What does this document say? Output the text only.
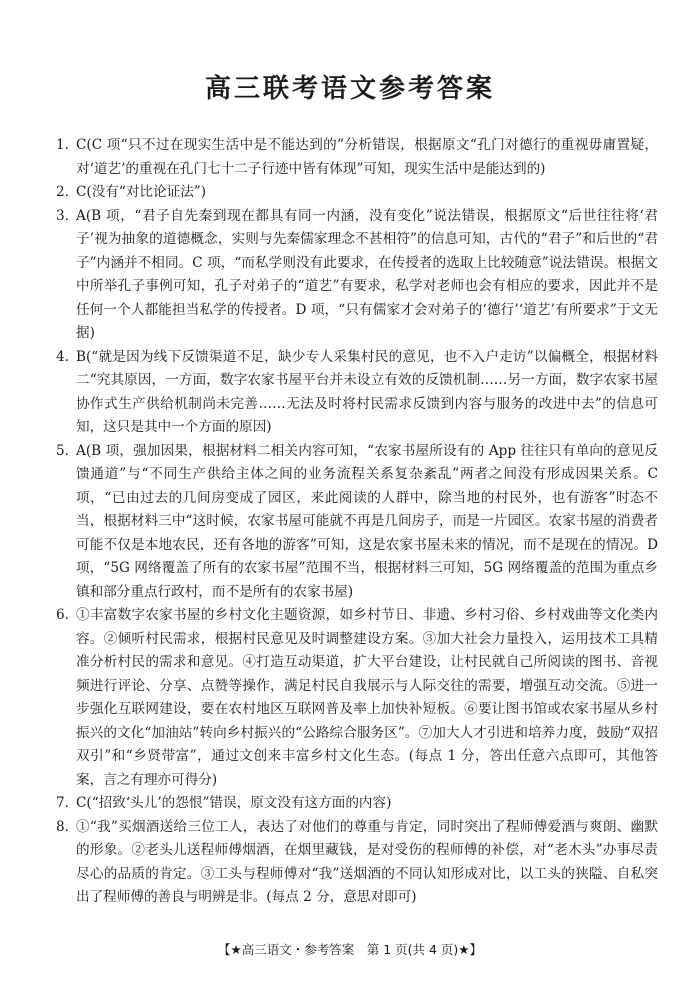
高三联考语文参考答案
1. C(C 项“只不过在现实生活中是不能达到的”分析错误，根据原文“孔门对德行的重视毋庸置疑，对‘道艺’的重视在孔门七十二子行迹中皆有体现”可知，现实生活中是能达到的)
2. C(没有“对比论证法”)
3. A(B 项，“君子自先秦到现在都具有同一内涵，没有变化”说法错误，根据原文“后世往往将‘君子’视为抽象的道德概念，实则与先秦儒家理念不甚相符”的信息可知，古代的“君子”和后世的“君子”内涵并不相同。C 项，“而私学则没有此要求，在传授者的选取上比较随意”说法错误。根据文中所举孔子事例可知，孔子对弟子的“道艺”有要求，私学对老师也会有相应的要求，因此并不是任何一个人都能担当私学的传授者。D 项，“只有儒家才会对弟子的‘德行’‘道艺’有所要求”于文无据)
4. B(“就是因为线下反馈渠道不足，缺少专人采集村民的意见，也不入户走访”以偏概全，根据材料二“究其原因，一方面，数字农家书屋平台并未设立有效的反馈机制……另一方面，数字农家书屋协作式生产供给机制尚未完善……无法及时将村民需求反馈到内容与服务的改进中去”的信息可知，这只是其中一个方面的原因)
5. A(B 项，强加因果，根据材料二相关内容可知，“农家书屋所设有的 App 往往只有单向的意见反馈通道”与“不同生产供给主体之间的业务流程关系复杂紊乱”两者之间没有形成因果关系。C 项，“已由过去的几间房变成了园区，来此阅读的人群中，除当地的村民外，也有游客”时态不当，根据材料三中“这时候，农家书屋可能就不再是几间房子，而是一片园区。农家书屋的消费者可能不仅是本地农民，还有各地的游客”可知，这是农家书屋未来的情况，而不是现在的情况。D 项，“5G 网络覆盖了所有的农家书屋”范围不当，根据材料三可知，5G 网络覆盖的范围为重点乡镇和部分重点行政村，而不是所有的农家书屋)
6. ①丰富数字农家书屋的乡村文化主题资源，如乡村节日、非遗、乡村习俗、乡村戏曲等文化类内容。②倾听村民需求，根据村民意见及时调整建设方案。③加大社会力量投入，运用技术工具精准分析村民的需求和意见。④打造互动渠道，扩大平台建设，让村民就自己所阅读的图书、音视频进行评论、分享、点赞等操作，满足村民自我展示与人际交往的需要，增强互动交流。⑤进一步强化互联网建设，要在农村地区互联网普及率上加快补短板。⑥要让图书馆或农家书屋从乡村振兴的文化“加油站”转向乡村振兴的“公路综合服务区”。⑦加大人才引进和培养力度，鼓励“双招双引”和“乡贤带富”，通过文创来丰富乡村文化生态。(每点 1 分，答出任意六点即可，其他答案，言之有理亦可得分)
7. C(“招致‘头儿’的怨恨”错误，原文没有这方面的内容)
8. ①“我”买烟酒送给三位工人，表达了对他们的尊重与肯定，同时突出了程师傅爱酒与爽朗、幽默的形象。②老头儿送程师傅烟酒，在烟里藏钱，是对受伤的程师傅的补偿，对“老木头”办事尽责尽心的品质的肯定。③工头与程师傅对“我”送烟酒的不同认知形成对比，以工头的狭隘、自私突出了程师傅的善良与明辨是非。(每点 2 分，意思对即可)
【★高三语文・参考答案　第 1 页(共 4 页)★】
